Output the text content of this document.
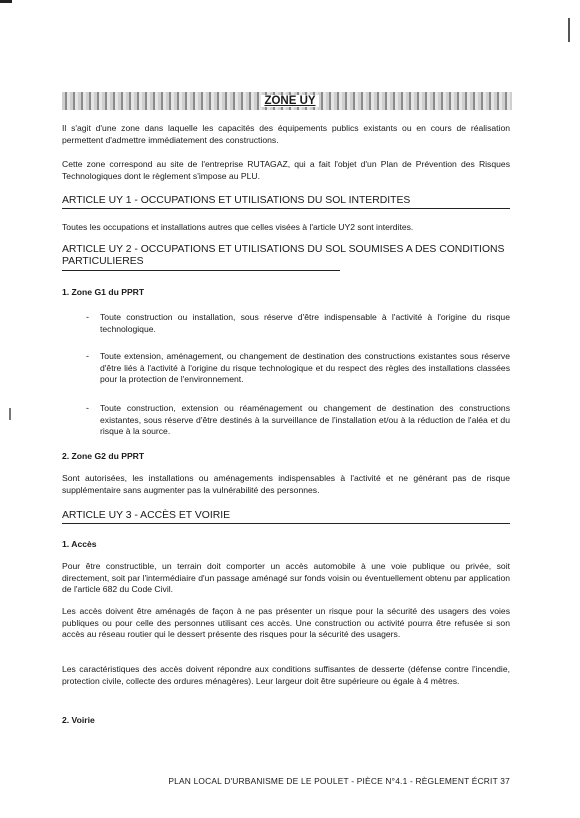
ZONE UY

Il s'agit d'une zone dans laquelle les capacités des équipements publics existants ou en cours de réalisation permettent d'admettre immédiatement des constructions.

Cette zone correspond au site de l'entreprise RUTAGAZ, qui a fait l'objet d'un Plan de Prévention des Risques Technologiques dont le règlement s'impose au PLU.

ARTICLE UY 1 - OCCUPATIONS ET UTILISATIONS DU SOL INTERDITES

Toutes les occupations et installations autres que celles visées à l'article UY2 sont interdites.

ARTICLE UY 2 - OCCUPATIONS ET UTILISATIONS DU SOL SOUMISES A DES CONDITIONS PARTICULIERES

1. Zone G1 du PPRT

- Toute construction ou installation, sous réserve d'être indispensable à l'activité à l'origine du risque technologique.

- Toute extension, aménagement, ou changement de destination des constructions existantes sous réserve d'être liés à l'activité à l'origine du risque technologique et du respect des règles des installations classées pour la protection de l'environnement.

- Toute construction, extension ou réaménagement ou changement de destination des constructions existantes, sous réserve d'être destinés à la surveillance de l'installation et/ou à la réduction de l'aléa et du risque à la source.

2. Zone G2 du PPRT

Sont autorisées, les installations ou aménagements indispensables à l'activité et ne générant pas de risque supplémentaire sans augmenter pas la vulnérabilité des personnes.

ARTICLE UY 3 - ACCÈS ET VOIRIE

1. Accès

Pour être constructible, un terrain doit comporter un accès automobile à une voie publique ou privée, soit directement, soit par l'intermédiaire d'un passage aménagé sur fonds voisin ou éventuellement obtenu par application de l'article 682 du Code Civil.

Les accès doivent être aménagés de façon à ne pas présenter un risque pour la sécurité des usagers des voies publiques ou pour celle des personnes utilisant ces accès. Une construction ou activité pourra être refusée si son accès au réseau routier qui le dessert présente des risques pour la sécurité des usagers.

Les caractéristiques des accès doivent répondre aux conditions suffisantes de desserte (défense contre l'incendie, protection civile, collecte des ordures ménagères). Leur largeur doit être supérieure ou égale à 4 mètres.

2. Voirie

PLAN LOCAL D'URBANISME DE LE POULET - PIÈCE N°4.1 - RÈGLEMENT ÉCRIT 37
